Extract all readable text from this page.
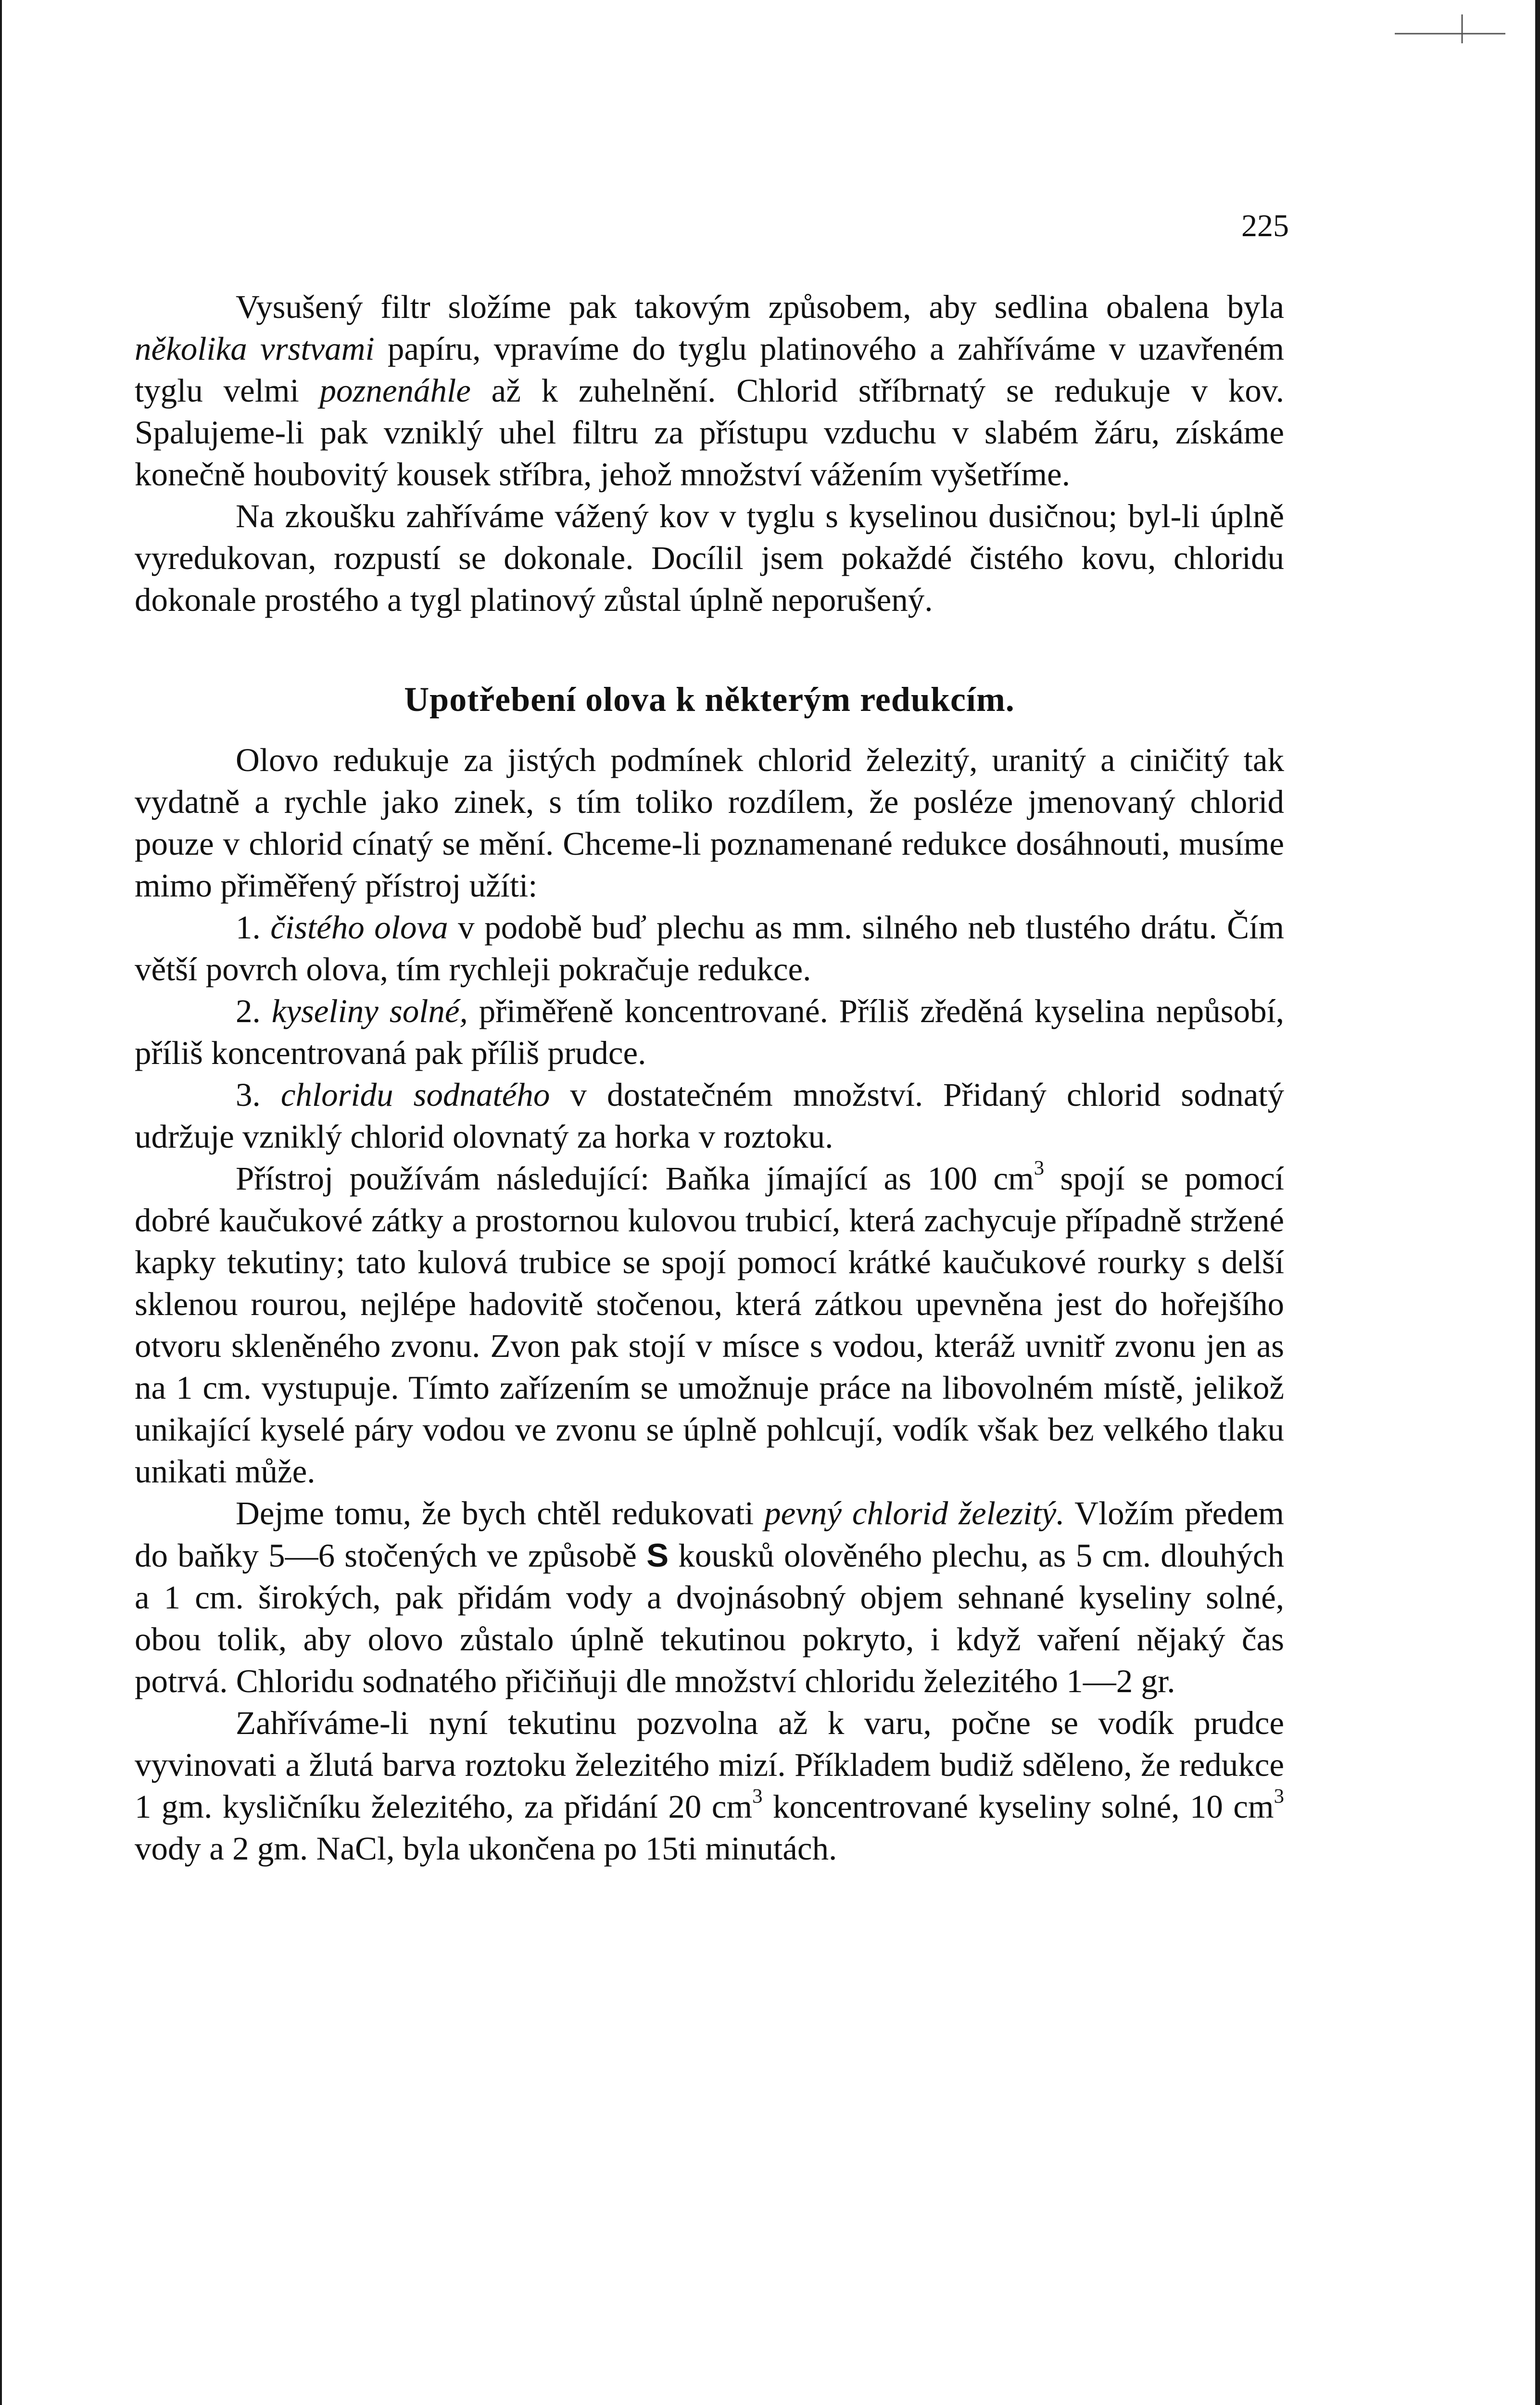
225

Vysušený filtr složíme pak takovým způsobem, aby sedlina obalena byla několika vrstvami papíru, vpravíme do tyglu platinového a zahříváme v uzavřeném tyglu velmi poznenáhle až k zuhelnění. Chlorid stříbrnatý se redukuje v kov. Spalujeme-li pak vzniklý uhel filtru za přístupu vzduchu v slabém žáru, získáme konečně houbovitý kousek stříbra, jehož množství vážením vyšetříme.

Na zkoušku zahříváme vážený kov v tyglu s kyselinou dusičnou; byl-li úplně vyredukovan, rozpustí se dokonale. Docílil jsem pokaždé čistého kovu, chloridu dokonale prostého a tygl platinový zůstal úplně neporušený.

Upotřebení olova k některým redukcím.

Olovo redukuje za jistých podmínek chlorid železitý, uranitý a ciničitý tak vydatně a rychle jako zinek, s tím toliko rozdílem, že posléze jmenovaný chlorid pouze v chlorid cínatý se mění. Chceme-li poznamenané redukce dosáhnouti, musíme mimo přiměřený přístroj užíti:

1. čistého olova v podobě buď plechu as mm. silného neb tlustého drátu. Čím větší povrch olova, tím rychleji pokračuje redukce.

2. kyseliny solné, přiměřeně koncentrované. Příliš zředěná kyselina nepůsobí, příliš koncentrovaná pak příliš prudce.

3. chloridu sodnatého v dostatečném množství. Přidaný chlorid sodnatý udržuje vzniklý chlorid olovnatý za horka v roztoku.

Přístroj používám následující: Baňka jímající as 100 $cm^3$ spojí se pomocí dobré kaučukové zátky a prostornou kulovou trubicí, která zachycuje případně stržené kapky tekutiny; tato kulová trubice se spojí pomocí krátké kaučukové rourky s delší sklenou rourou, nejlépe hadovitě stočenou, která zátkou upevněna jest do hořejšího otvoru skleněného zvonu. Zvon pak stojí v mísce s vodou, kteráž uvnitř zvonu jen as na 1 cm. vystupuje. Tímto zařízením se umožnuje práce na libovolném místě, jelikož unikající kyselé páry vodou ve zvonu se úplně pohlcují, vodík však bez velkého tlaku unikati může.

Dejme tomu, že bych chtěl redukovati pevný chlorid železitý. Vložím předem do baňky 5—6 stočených ve způsobě S kousků olověného plechu, as 5 cm. dlouhých a 1 cm. širokých, pak přidám vody a dvojnásobný objem sehnané kyseliny solné, obou tolik, aby olovo zůstalo úplně tekutinou pokryto, i když vaření nějaký čas potrvá. Chloridu sodnatého přičiňuji dle množství chloridu železitého 1—2 gr.

Zahříváme-li nyní tekutinu pozvolna až k varu, počne se vodík prudce vyvinovati a žlutá barva roztoku železitého mizí. Příkladem budiž sděleno, že redukce 1 gm. kysličníku železitého, za přidání 20 $cm^3$ koncentrované kyseliny solné, 10 $cm^3$ vody a 2 gm. NaCl, byla ukončena po 15ti minutách.
